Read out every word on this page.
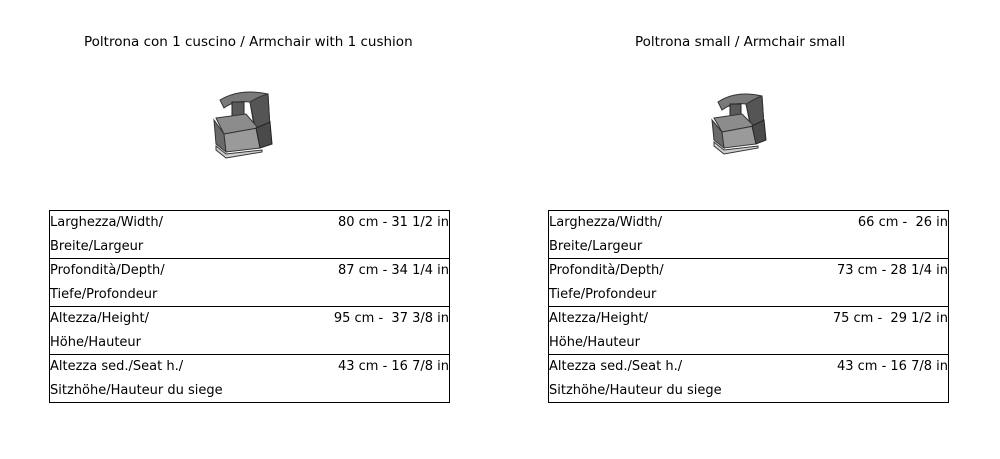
Poltrona con 1 cuscino / Armchair with 1 cushion
Larghezza/Width/
Breite/Largeur	80 cm - 31 1/2 in

Profondità/Depth/
Tiefe/Profondeur	87 cm - 34 1/4 in

Altezza/Height/
Höhe/Hauteur	95 cm -  37 3/8 in

Altezza sed./Seat h./
Sitzhöhe/Hauteur du siege	43 cm - 16 7/8 in
Poltrona small / Armchair small
Larghezza/Width/
Breite/Largeur	66 cm -  26 in

Profondità/Depth/
Tiefe/Profondeur	73 cm - 28 1/4 in

Altezza/Height/
Höhe/Hauteur	75 cm -  29 1/2 in

Altezza sed./Seat h./
Sitzhöhe/Hauteur du siege	43 cm - 16 7/8 in
